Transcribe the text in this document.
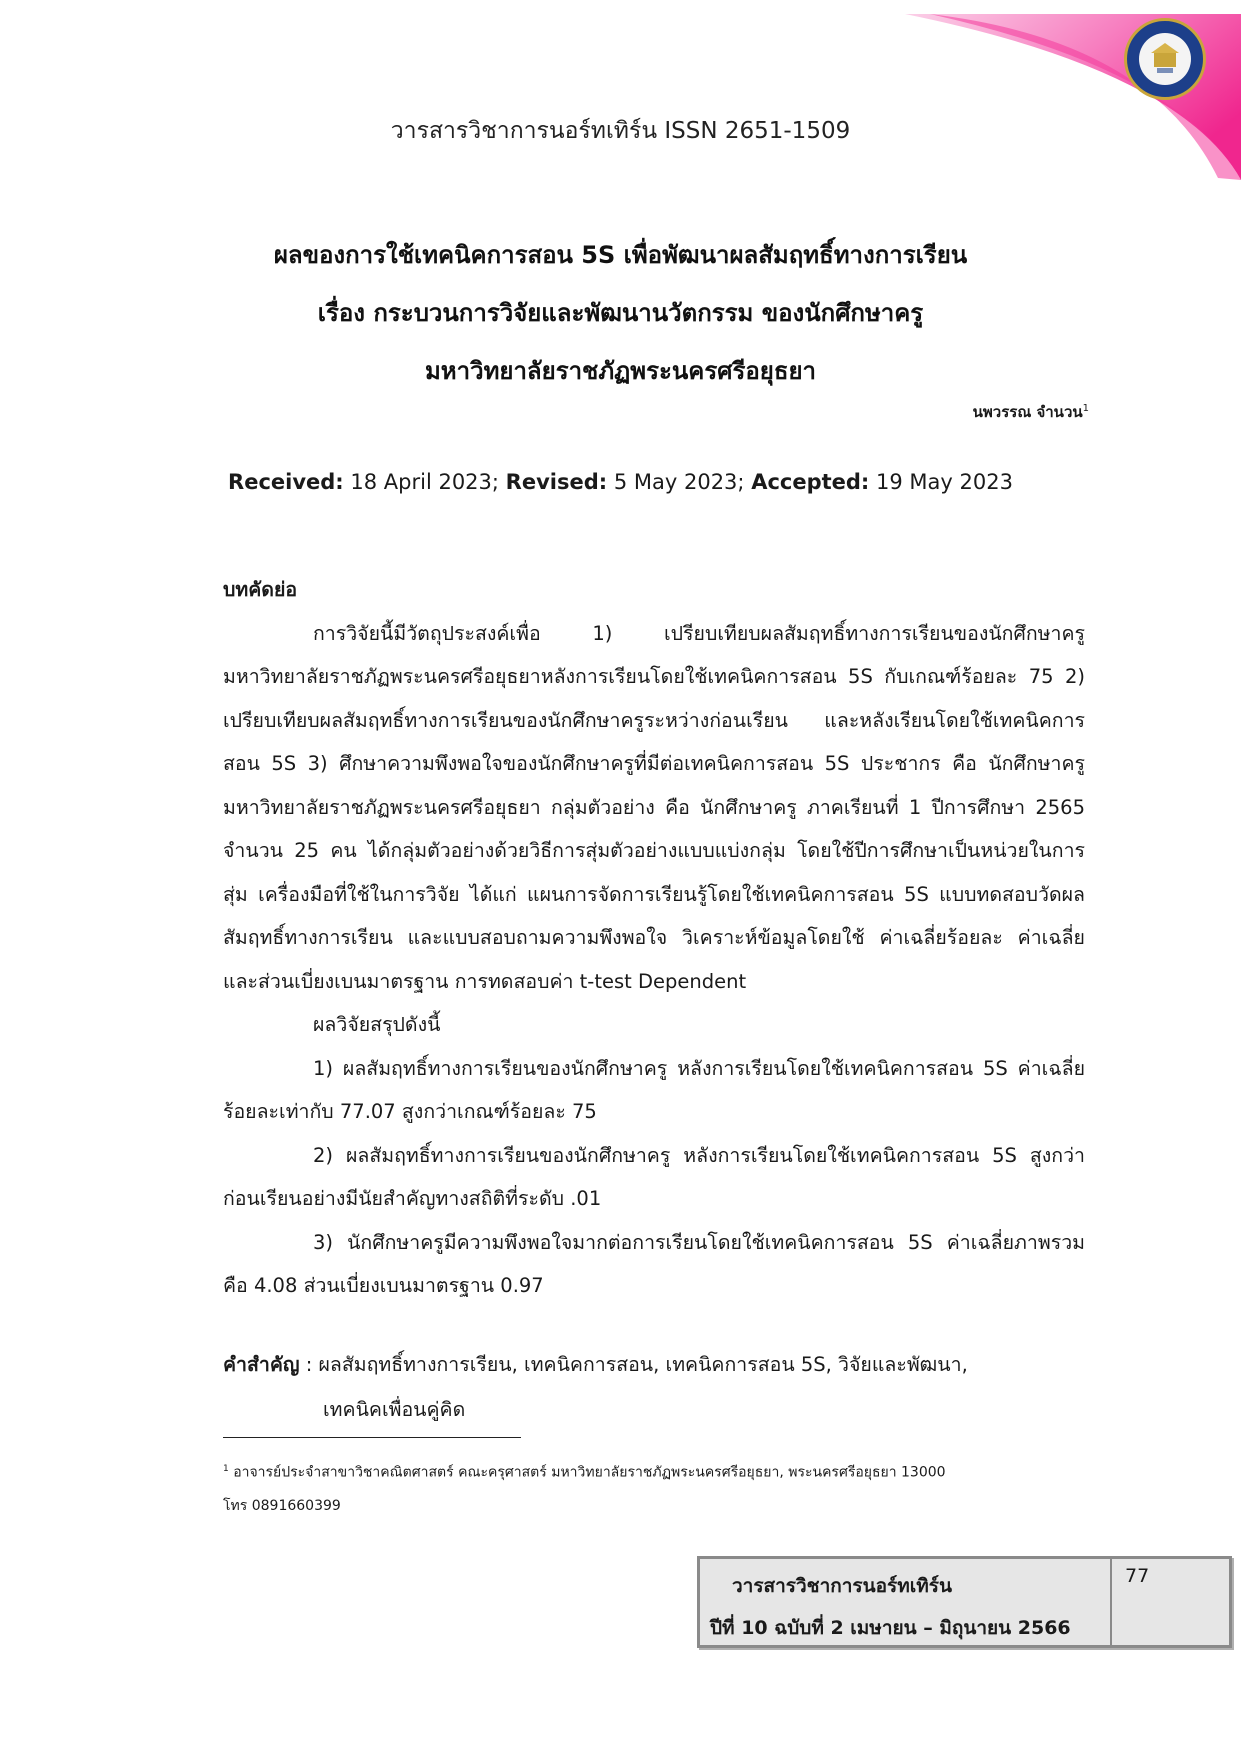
วารสารวิชาการนอร์ทเทิร์น ISSN 2651-1509
ผลของการใช้เทคนิคการสอน 5S เพื่อพัฒนาผลสัมฤทธิ์ทางการเรียน
เรื่อง กระบวนการวิจัยและพัฒนานวัตกรรม ของนักศึกษาครู
มหาวิทยาลัยราชภัฏพระนครศรีอยุธยา
นพวรรณ จำนวน$^1$
Received: 18 April 2023; Revised: 5 May 2023; Accepted: 19 May 2023
บทคัดย่อ

การวิจัยนี้มีวัตถุประสงค์เพื่อ 1) เปรียบเทียบผลสัมฤทธิ์ทางการเรียนของนักศึกษาครู มหาวิทยาลัยราชภัฏพระนครศรีอยุธยาหลังการเรียนโดยใช้เทคนิคการสอน 5S กับเกณฑ์ร้อยละ 75 2) เปรียบเทียบผลสัมฤทธิ์ทางการเรียนของนักศึกษาครูระหว่างก่อนเรียน และหลังเรียนโดยใช้เทคนิคการสอน 5S 3) ศึกษาความพึงพอใจของนักศึกษาครูที่มีต่อเทคนิคการสอน 5S ประชากร คือ นักศึกษาครู มหาวิทยาลัยราชภัฏพระนครศรีอยุธยา กลุ่มตัวอย่าง คือ นักศึกษาครู ภาคเรียนที่ 1 ปีการศึกษา 2565 จำนวน 25 คน ได้กลุ่มตัวอย่างด้วยวิธีการสุ่มตัวอย่างแบบแบ่งกลุ่ม โดยใช้ปีการศึกษาเป็นหน่วยในการสุ่ม เครื่องมือที่ใช้ในการวิจัย ได้แก่ แผนการจัดการเรียนรู้โดยใช้เทคนิคการสอน 5S แบบทดสอบวัดผลสัมฤทธิ์ทางการเรียน และแบบสอบถามความพึงพอใจ วิเคราะห์ข้อมูลโดยใช้ ค่าเฉลี่ยร้อยละ ค่าเฉลี่ยและส่วนเบี่ยงเบนมาตรฐาน การทดสอบค่า t-test Dependent

ผลวิจัยสรุปดังนี้

1) ผลสัมฤทธิ์ทางการเรียนของนักศึกษาครู หลังการเรียนโดยใช้เทคนิคการสอน 5S ค่าเฉลี่ยร้อยละเท่ากับ 77.07 สูงกว่าเกณฑ์ร้อยละ 75

2) ผลสัมฤทธิ์ทางการเรียนของนักศึกษาครู หลังการเรียนโดยใช้เทคนิคการสอน 5S สูงกว่าก่อนเรียนอย่างมีนัยสำคัญทางสถิติที่ระดับ .01

3) นักศึกษาครูมีความพึงพอใจมากต่อการเรียนโดยใช้เทคนิคการสอน 5S ค่าเฉลี่ยภาพรวม คือ 4.08 ส่วนเบี่ยงเบนมาตรฐาน 0.97

คำสำคัญ : ผลสัมฤทธิ์ทางการเรียน, เทคนิคการสอน, เทคนิคการสอน 5S, วิจัยและพัฒนา,
เทคนิคเพื่อนคู่คิด
$^1$ อาจารย์ประจำสาขาวิชาคณิตศาสตร์ คณะครุศาสตร์ มหาวิทยาลัยราชภัฏพระนครศรีอยุธยา, พระนครศรีอยุธยา 13000
โทร 0891660399
วารสารวิชาการนอร์ทเทิร์น
ปีที่ 10 ฉบับที่ 2 เมษายน – มิถุนายน 2566
77
